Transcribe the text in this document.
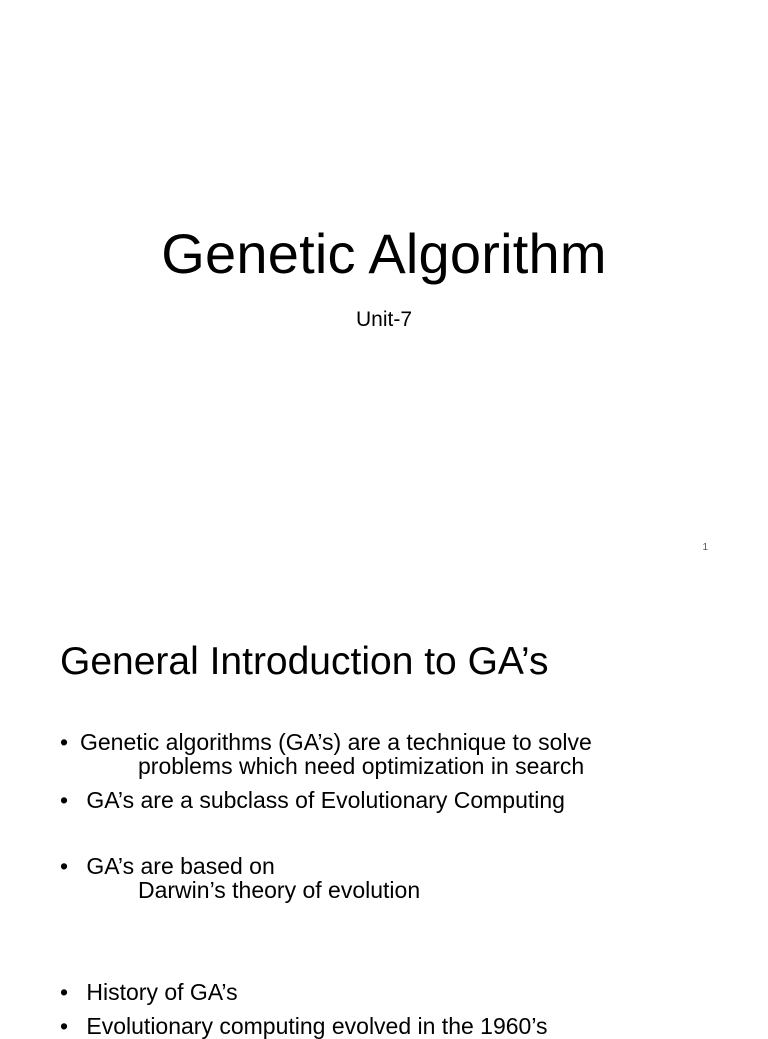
Genetic Algorithm
Unit-7
1
General Introduction to GA’s
• Genetic algorithms (GA’s) are a technique to solve
problems which need optimization in search
• GA’s are a subclass of Evolutionary Computing
• GA’s are based on
Darwin’s theory of evolution
• History of GA’s
• Evolutionary computing evolved in the 1960’s
